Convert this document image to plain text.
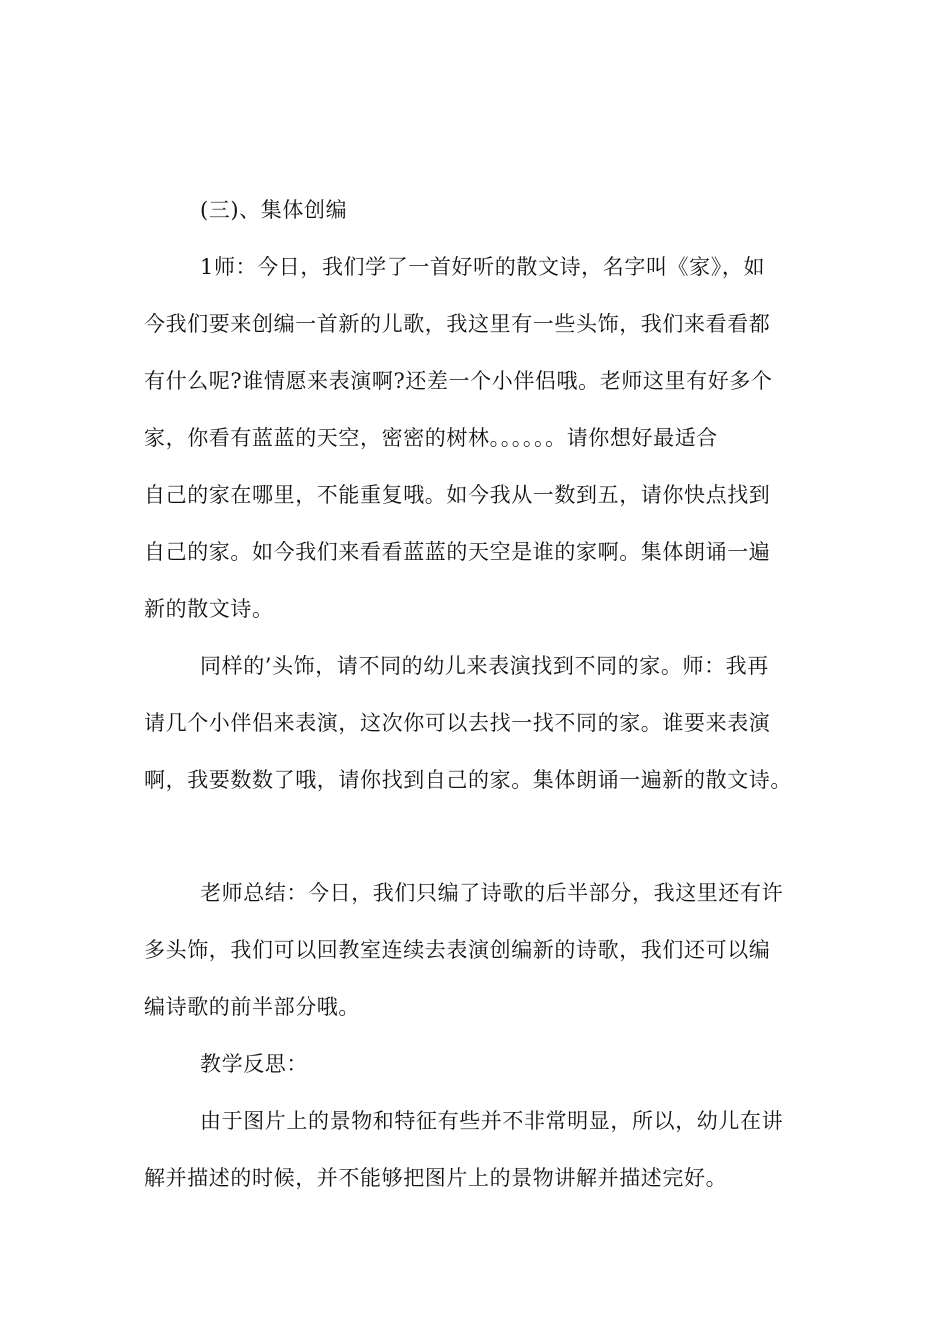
(三)、集体创编
1师：今日，我们学了一首好听的散文诗，名字叫《家》，如
今我们要来创编一首新的儿歌，我这里有一些头饰，我们来看看都
有什么呢?谁情愿来表演啊?还差一个小伴侣哦。老师这里有好多个
家，你看有蓝蓝的天空，密密的树林。。。。。。请你想好最适合
自己的家在哪里，不能重复哦。如今我从一数到五，请你快点找到
自己的家。如今我们来看看蓝蓝的天空是谁的家啊。集体朗诵一遍
新的散文诗。
同样的’头饰，请不同的幼儿来表演找到不同的家。师：我再
请几个小伴侣来表演，这次你可以去找一找不同的家。谁要来表演
啊，我要数数了哦，请你找到自己的家。集体朗诵一遍新的散文诗。
老师总结：今日，我们只编了诗歌的后半部分，我这里还有许
多头饰，我们可以回教室连续去表演创编新的诗歌，我们还可以编
编诗歌的前半部分哦。
教学反思：
由于图片上的景物和特征有些并不非常明显，所以，幼儿在讲
解并描述的时候，并不能够把图片上的景物讲解并描述完好。
